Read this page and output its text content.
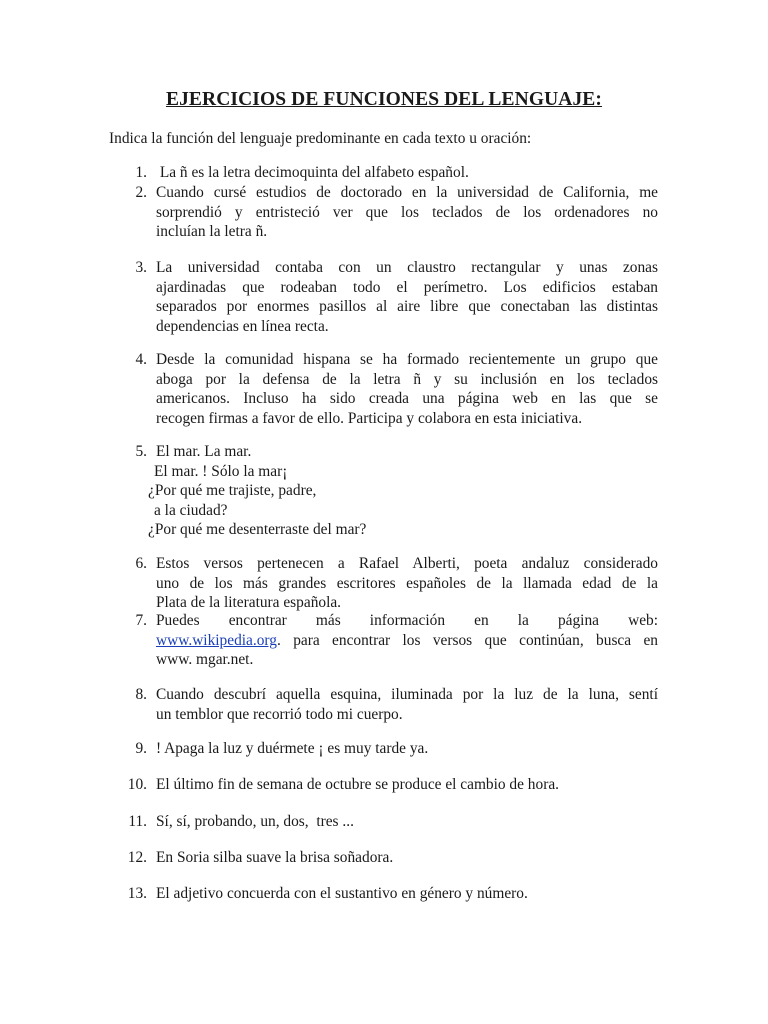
EJERCICIOS DE FUNCIONES DEL LENGUAJE:
Indica la función del lenguaje predominante en cada texto u oración:
1. La ñ es la letra decimoquinta del alfabeto español.
2. Cuando cursé estudios de doctorado en la universidad de California, me
sorprendió y entristeció ver que los teclados de los ordenadores no
incluían la letra ñ.
3. La universidad contaba con un claustro rectangular y unas zonas
ajardinadas que rodeaban todo el perímetro. Los edificios estaban
separados por enormes pasillos al aire libre que conectaban las distintas
dependencias en línea recta.
4. Desde la comunidad hispana se ha formado recientemente un grupo que
aboga por la defensa de la letra ñ y su inclusión en los teclados
americanos. Incluso ha sido creada una página web en las que se
recogen firmas a favor de ello. Participa y colabora en esta iniciativa.
5. El mar. La mar.
El mar. ! Sólo la mar¡
¿Por qué me trajiste, padre,
a la ciudad?
¿Por qué me desenterraste del mar?
6. Estos versos pertenecen a Rafael Alberti, poeta andaluz considerado
uno de los más grandes escritores españoles de la llamada edad de la
Plata de la literatura española.
7. Puedes encontrar más información en la página web:
www.wikipedia.org. para encontrar los versos que continúan, busca en
www. mgar.net.
8. Cuando descubrí aquella esquina, iluminada por la luz de la luna, sentí
un temblor que recorrió todo mi cuerpo.
9. ! Apaga la luz y duérmete ¡ es muy tarde ya.
10. El último fin de semana de octubre se produce el cambio de hora.
11. Sí, sí, probando, un, dos,  tres ...
12. En Soria silba suave la brisa soñadora.
13. El adjetivo concuerda con el sustantivo en género y número.
